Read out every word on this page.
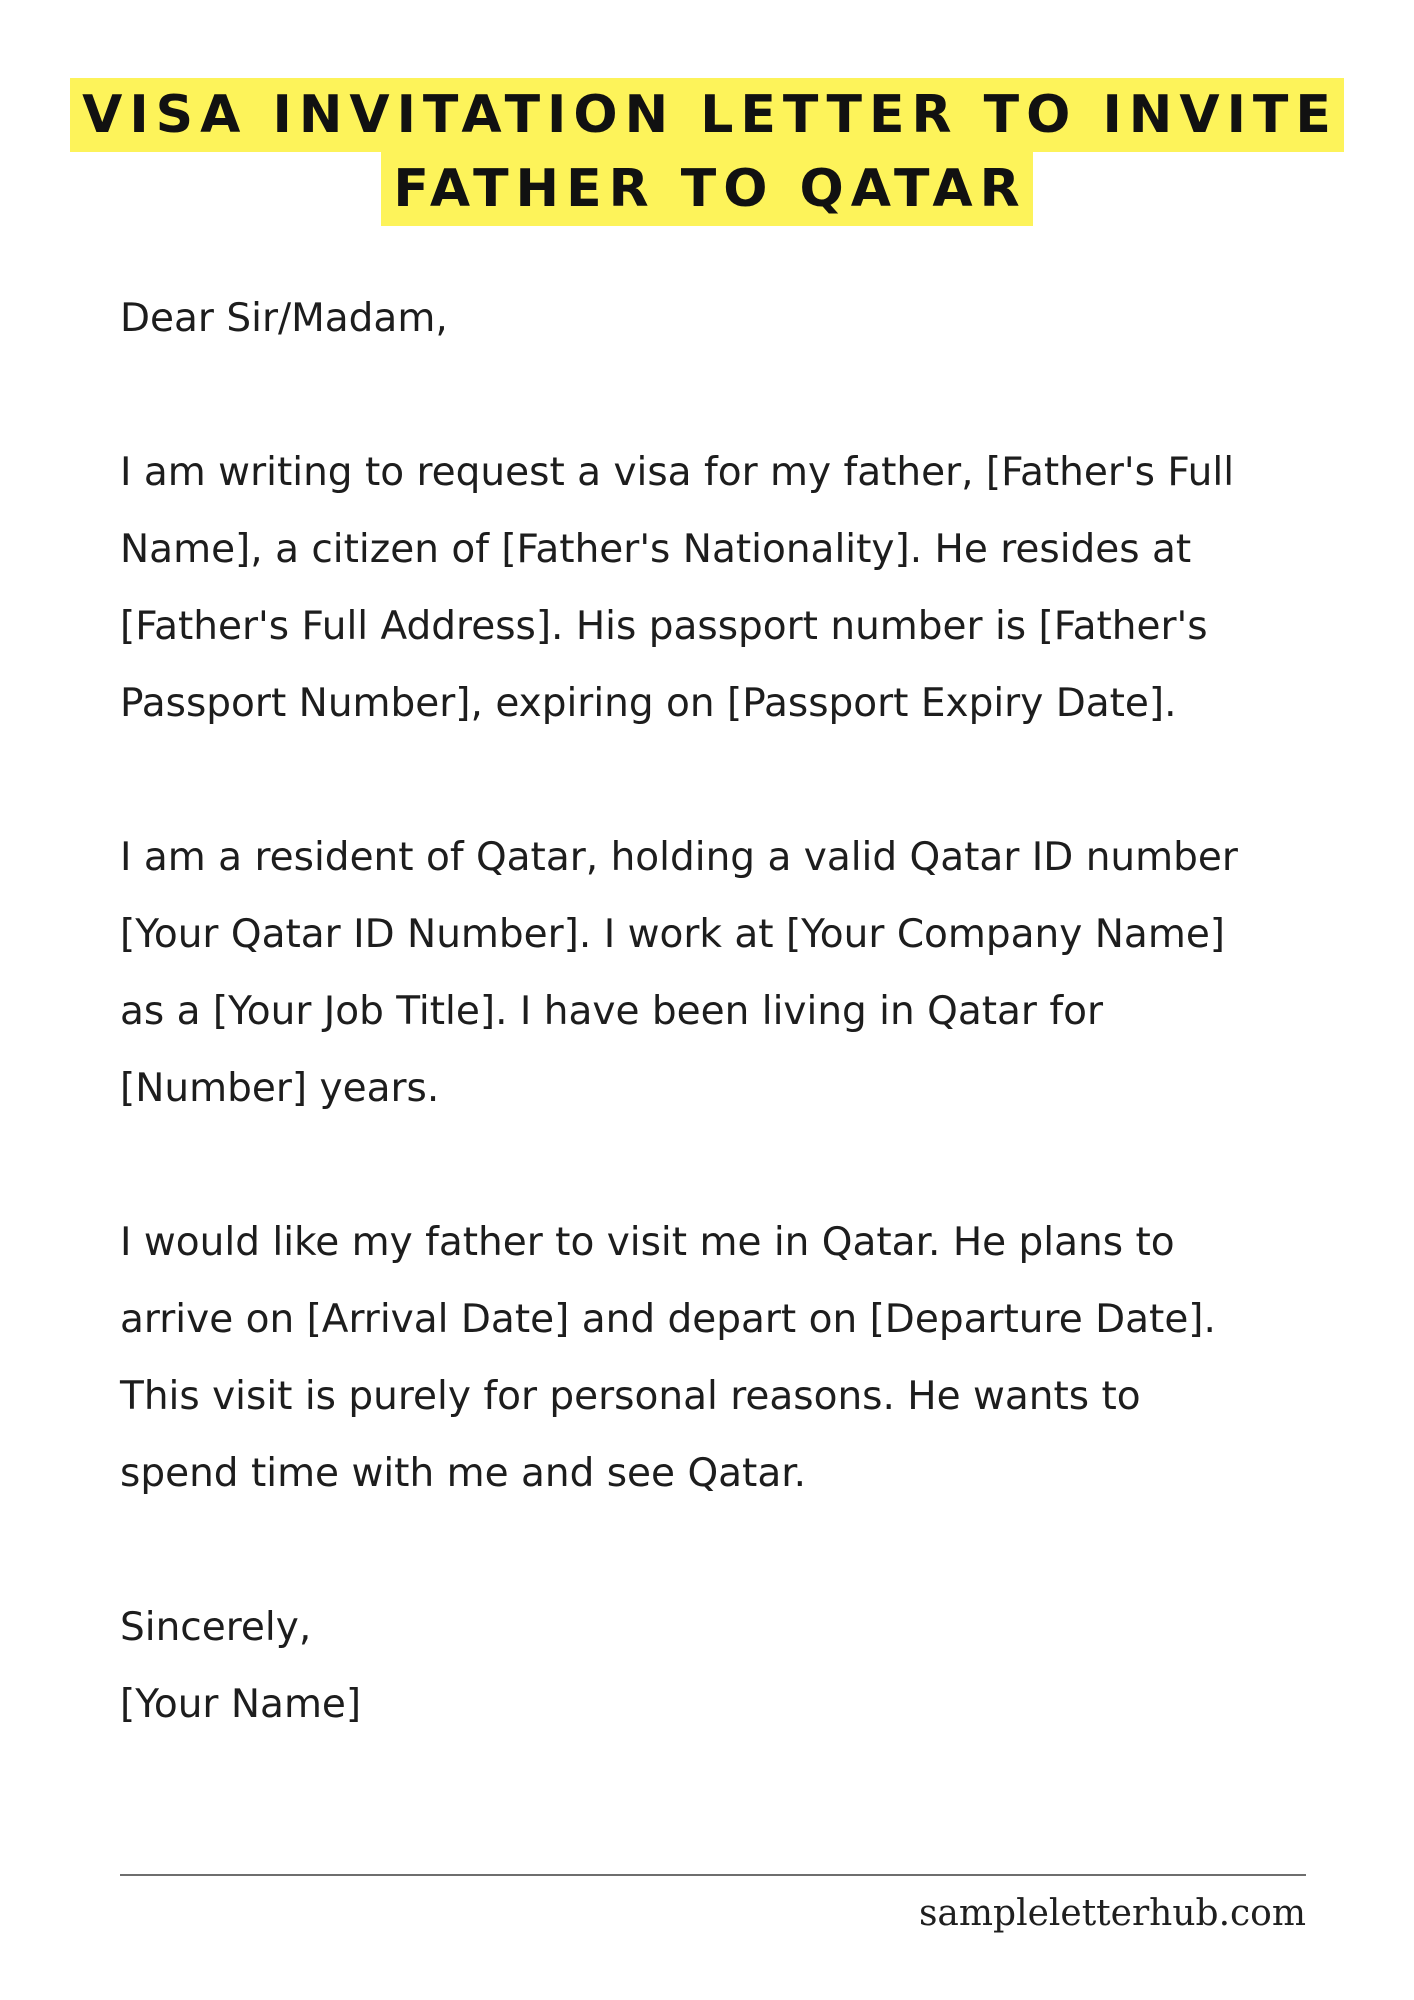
VISA INVITATION LETTER TO INVITE
FATHER TO QATAR

Dear Sir/Madam,

I am writing to request a visa for my father, [Father's Full
Name], a citizen of [Father's Nationality]. He resides at
[Father's Full Address]. His passport number is [Father's
Passport Number], expiring on [Passport Expiry Date].

I am a resident of Qatar, holding a valid Qatar ID number
[Your Qatar ID Number]. I work at [Your Company Name]
as a [Your Job Title]. I have been living in Qatar for
[Number] years.

I would like my father to visit me in Qatar. He plans to
arrive on [Arrival Date] and depart on [Departure Date].
This visit is purely for personal reasons. He wants to
spend time with me and see Qatar.

Sincerely,
[Your Name]

sampleletterhub.com
